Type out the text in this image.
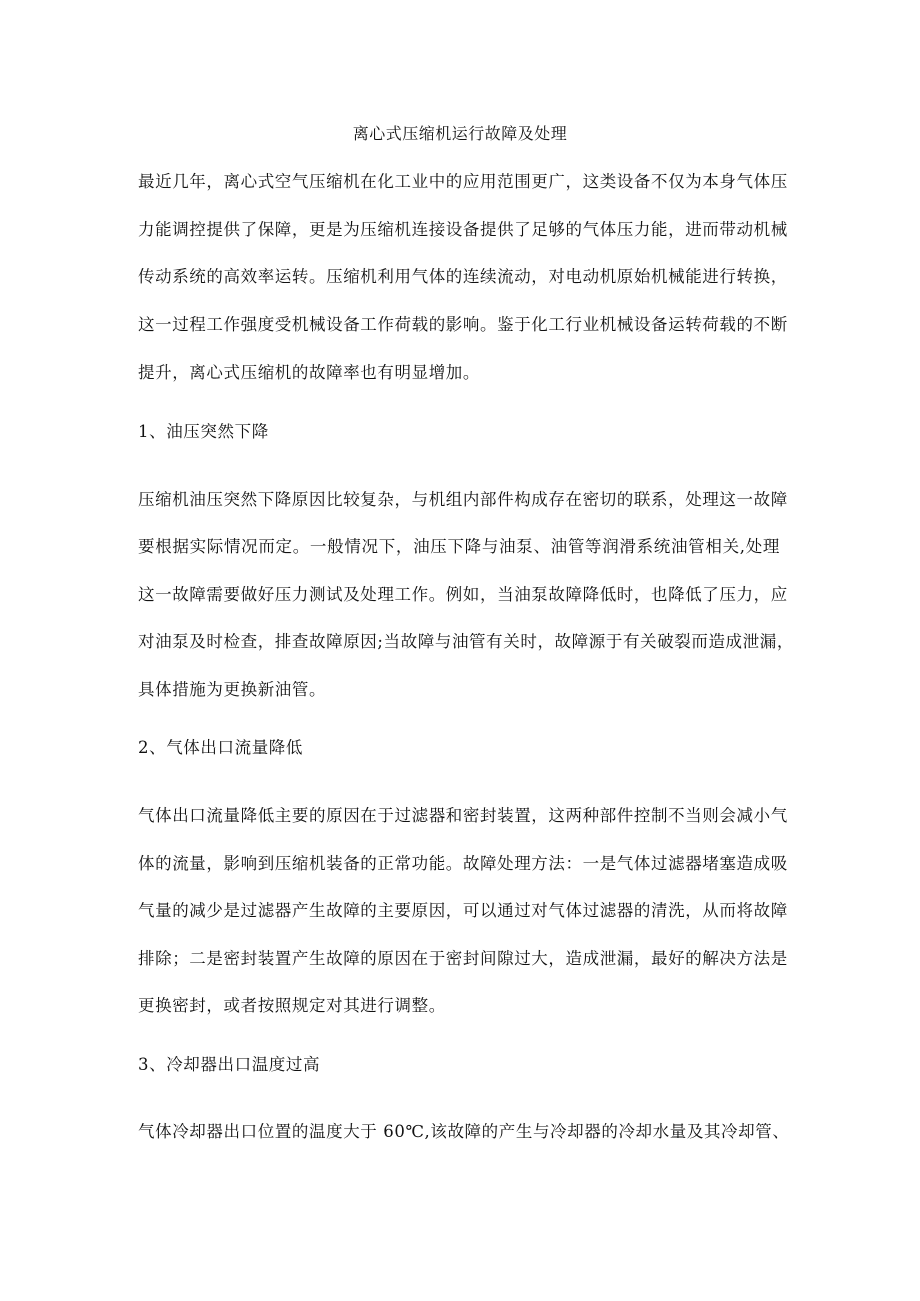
离心式压缩机运行故障及处理
最近几年，离心式空气压缩机在化工业中的应用范围更广，这类设备不仅为本身气体压
力能调控提供了保障，更是为压缩机连接设备提供了足够的气体压力能，进而带动机械
传动系统的高效率运转。压缩机利用气体的连续流动，对电动机原始机械能进行转换，
这一过程工作强度受机械设备工作荷载的影响。鉴于化工行业机械设备运转荷载的不断
提升，离心式压缩机的故障率也有明显增加。
1、油压突然下降
压缩机油压突然下降原因比较复杂，与机组内部件构成存在密切的联系，处理这一故障
要根据实际情况而定。一般情况下，油压下降与油泵、油管等润滑系统油管相关,处理
这一故障需要做好压力测试及处理工作。例如，当油泵故障降低时，也降低了压力，应
对油泵及时检查，排查故障原因;当故障与油管有关时，故障源于有关破裂而造成泄漏，
具体措施为更换新油管。
2、气体出口流量降低
气体出口流量降低主要的原因在于过滤器和密封装置，这两种部件控制不当则会减小气
体的流量，影响到压缩机装备的正常功能。故障处理方法：一是气体过滤器堵塞造成吸
气量的减少是过滤器产生故障的主要原因，可以通过对气体过滤器的清洗，从而将故障
排除；二是密封装置产生故障的原因在于密封间隙过大，造成泄漏，最好的解决方法是
更换密封，或者按照规定对其进行调整。
3、冷却器出口温度过高
气体冷却器出口位置的温度大于 60℃,该故障的产生与冷却器的冷却水量及其冷却管、
